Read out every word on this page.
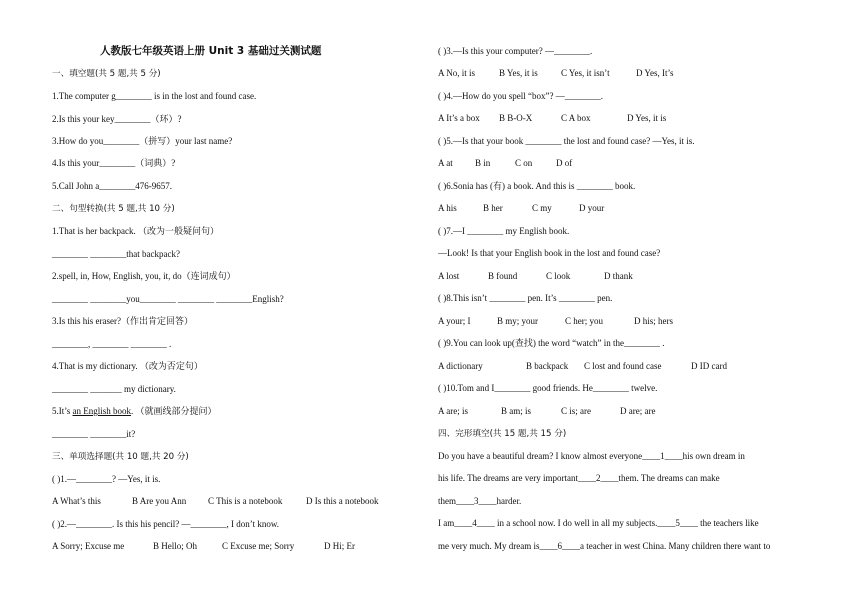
人教版七年级英语上册 Unit 3 基础过关测试题
一、填空题(共 5 题,共 5 分)
1.The computer g________ is in the lost and found case.
2.Is this your key________（环）?
3.How do you________（拼写）your last name?
4.Is this your________（词典）?
5.Call John a________476-9657.
二、句型转换(共 5 题,共 10 分)
1.That is her backpack. （改为一般疑问句）
________ ________that backpack?
2.spell, in, How, English, you, it, do（连词成句）
________ ________you________ ________ ________English?
3.Is this his eraser?（作出肯定回答）
________, ________ ________ .
4.That is my dictionary. （改为否定句）
________ _______ my dictionary.
5.It’s an English book. （就画线部分提问）
________ ________it?
三、单项选择题(共 10 题,共 20 分)
( )1.—________? —Yes, it is.
A What’s this	B Are you Ann C This is a notebook	D Is this a notebook
( )2.—________. Is this his pencil? —________, I don’t know.
A Sorry; Excuse me	B Hello; Oh	C Excuse me; Sorry	D Hi; Er
( )3.—Is this your computer? —________.
A No, it is	B Yes, it is	C Yes, it isn’t	D Yes, It’s
( )4.—How do you spell “box”? —________.
A It’s a box B B-O-X	C A box	D Yes, it is
( )5.—Is that your book ________ the lost and found case? —Yes, it is.
A at B in	C on	D of
( )6.Sonia has (有) a book. And this is ________ book.
A his	B her	C my	D your
( )7.—I ________ my English book.
—Look! Is that your English book in the lost and found case?
A lost	B found	C look	D thank
( )8.This isn’t ________ pen. It’s ________ pen.
A your; I	B my; your	C her; you	D his; hers
( )9.You can look up(查找) the word “watch” in the________ .
A dictionary	B backpack C lost and found case	D ID card
( )10.Tom and I________ good friends. He________ twelve.
A are; is	B am; is	C is; are	D are; are
四、完形填空(共 15 题,共 15 分)
Do you have a beautiful dream? I know almost everyone____1____his own dream in
his life. The dreams are very important____2____them. The dreams can make
them____3____harder.
I am____4____ in a school now. I do well in all my subjects.____5____ the teachers like
me very much. My dream is____6____a teacher in west China. Many children there want to
